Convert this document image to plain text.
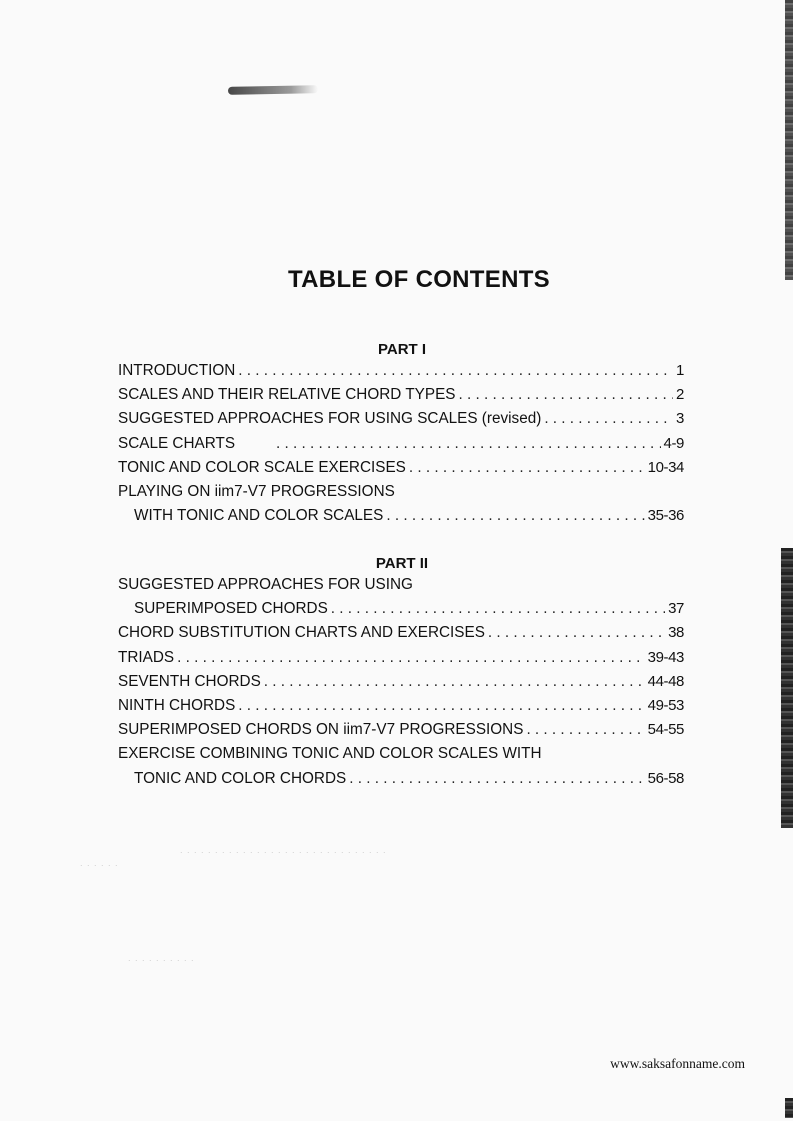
. . . . . . . . . . . . . . . . . . . . . . . . . . . . . .
. . . . . .
. . . . . . . . . .
TABLE OF CONTENTS
PART I
INTRODUCTION . . .	1
SCALES AND THEIR RELATIVE CHORD TYPES . . .	2
SUGGESTED APPROACHES FOR USING SCALES (revised) . . .	3
SCALE CHARTS . . .	4-9
TONIC AND COLOR SCALE EXERCISES . . .	10-34
PLAYING ON iim7-V7 PROGRESSIONS
WITH TONIC AND COLOR SCALES . . .	35-36
PART II
SUGGESTED APPROACHES FOR USING
SUPERIMPOSED CHORDS . . .	37
CHORD SUBSTITUTION CHARTS AND EXERCISES . . .	38
TRIADS . . .	39-43
SEVENTH CHORDS . . .	44-48
NINTH CHORDS . . .	49-53
SUPERIMPOSED CHORDS ON iim7-V7 PROGRESSIONS . . .	54-55
EXERCISE COMBINING TONIC AND COLOR SCALES WITH
TONIC AND COLOR CHORDS . . .	56-58
www.saksafonname.com
